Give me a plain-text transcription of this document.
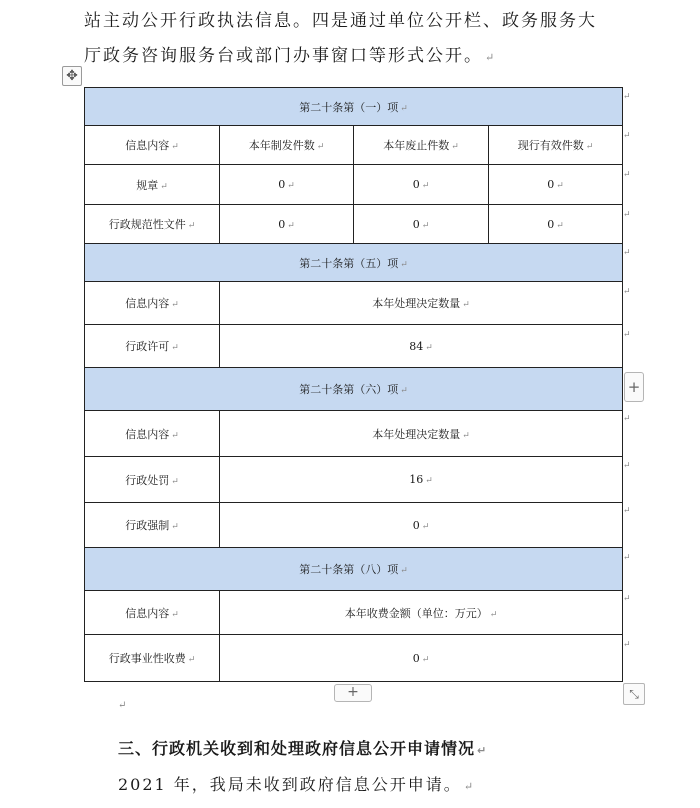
站主动公开行政执法信息。四是通过单位公开栏、政务服务大
厅政务咨询服务台或部门办事窗口等形式公开。 ↵
✥
第二十条第（一）项 ↵			
信息内容 ↵	本年制发件数 ↵	本年废止件数 ↵	现行有效件数 ↵
规章 ↵	0 ↵	0 ↵	0 ↵
行政规范性文件 ↵	0 ↵	0 ↵	0 ↵
第二十条第（五）项 ↵			
信息内容 ↵	本年处理决定数量 ↵		
行政许可 ↵	84 ↵		
第二十条第（六）项 ↵			
信息内容 ↵	本年处理决定数量 ↵		
行政处罚 ↵	16 ↵		
行政强制 ↵	0 ↵		
第二十条第（八）项 ↵			
信息内容 ↵	本年收费金额（单位：万元） ↵		
行政事业性收费 ↵	0 ↵		
↵
↵
↵
↵
↵
↵
↵
↵
↵
↵
↵
↵
↵
+
+	⤡
↵
三、行政机关收到和处理政府信息公开申请情况 ↵
2021 年，我局未收到政府信息公开申请。 ↵
